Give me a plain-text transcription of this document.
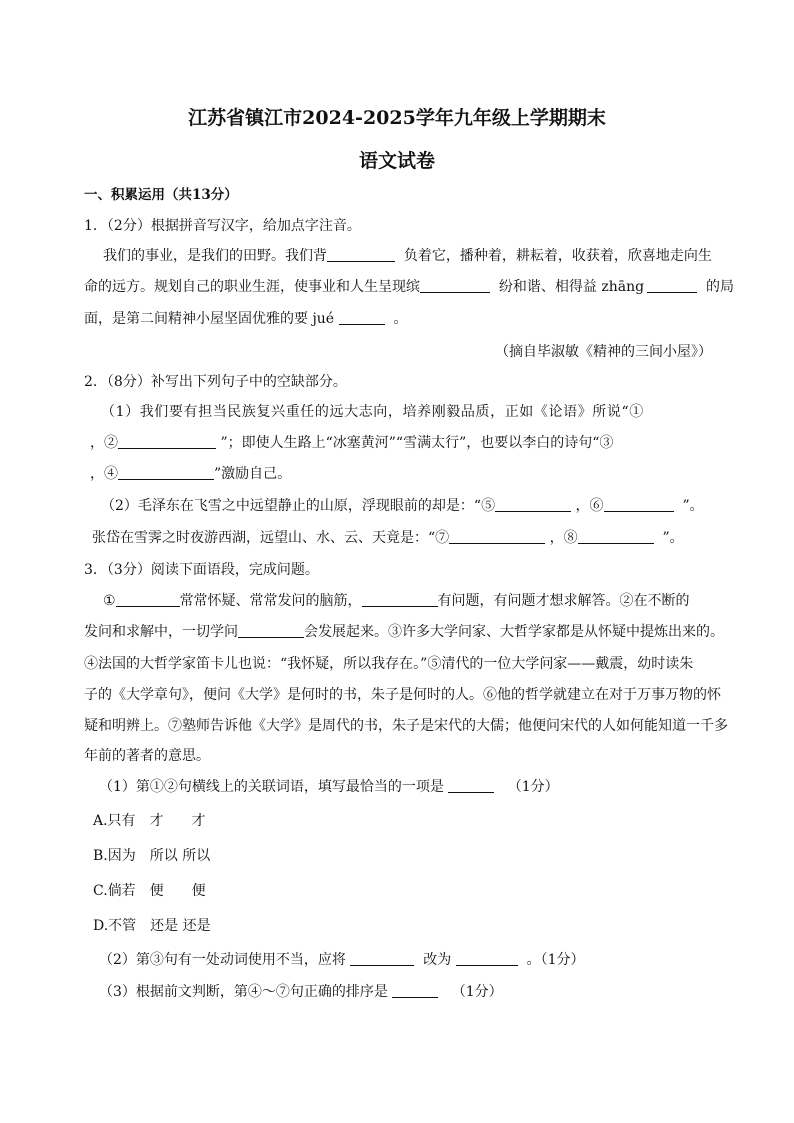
江苏省镇江市2024-2025学年九年级上学期期末
语文试卷
一、积累运用（共13分）
1．（2分）根据拼音写汉字，给加点字注音。
我们的事业，是我们的田野。我们背	负着它，播种着，耕耘着，收获着，欣喜地走向生
命的远方。规划自己的职业生涯，使事业和人生呈现缤	纷和谐、相得益 zhāng	的局
面，是第二间精神小屋坚固优雅的要 jué	。
（摘自毕淑敏《精神的三间小屋》）
2．（8分）补写出下列句子中的空缺部分。
（1）我们要有担当民族复兴重任的远大志向，培养刚毅品质，正如《论语》所说“①
，②	”；即使人生路上“冰塞黄河”“雪满太行”，也要以李白的诗句“③
，④	”激励自己。
（2）毛泽东在飞雪之中远望静止的山原，浮现眼前的却是：“⑤	，⑥	”。
张岱在雪霁之时夜游西湖，远望山、水、云、天竟是：“⑦	，⑧	”。
3．（3分）阅读下面语段，完成问题。
①	常常怀疑、常常发问的脑筋，	有问题，有问题才想求解答。②在不断的
发问和求解中，一切学问	会发展起来。③许多大学问家、大哲学家都是从怀疑中提炼出来的。
④法国的大哲学家笛卡儿也说：“我怀疑，所以我存在。”⑤清代的一位大学问家——戴震，幼时读朱
子的《大学章句》，便问《大学》是何时的书，朱子是何时的人。⑥他的哲学就建立在对于万事万物的怀
疑和明辨上。⑦塾师告诉他《大学》是周代的书，朱子是宋代的大儒；他便问宋代的人如何能知道一千多
年前的著者的意思。
（1）第①②句横线上的关联词语，填写最恰当的一项是	（1分）
A.只有　才　　才
B.因为　所以 所以
C.倘若　便　　便
D.不管　还是 还是
（2）第③句有一处动词使用不当，应将	改为	。（1分）
（3）根据前文判断，第④～⑦句正确的排序是	（1分）
